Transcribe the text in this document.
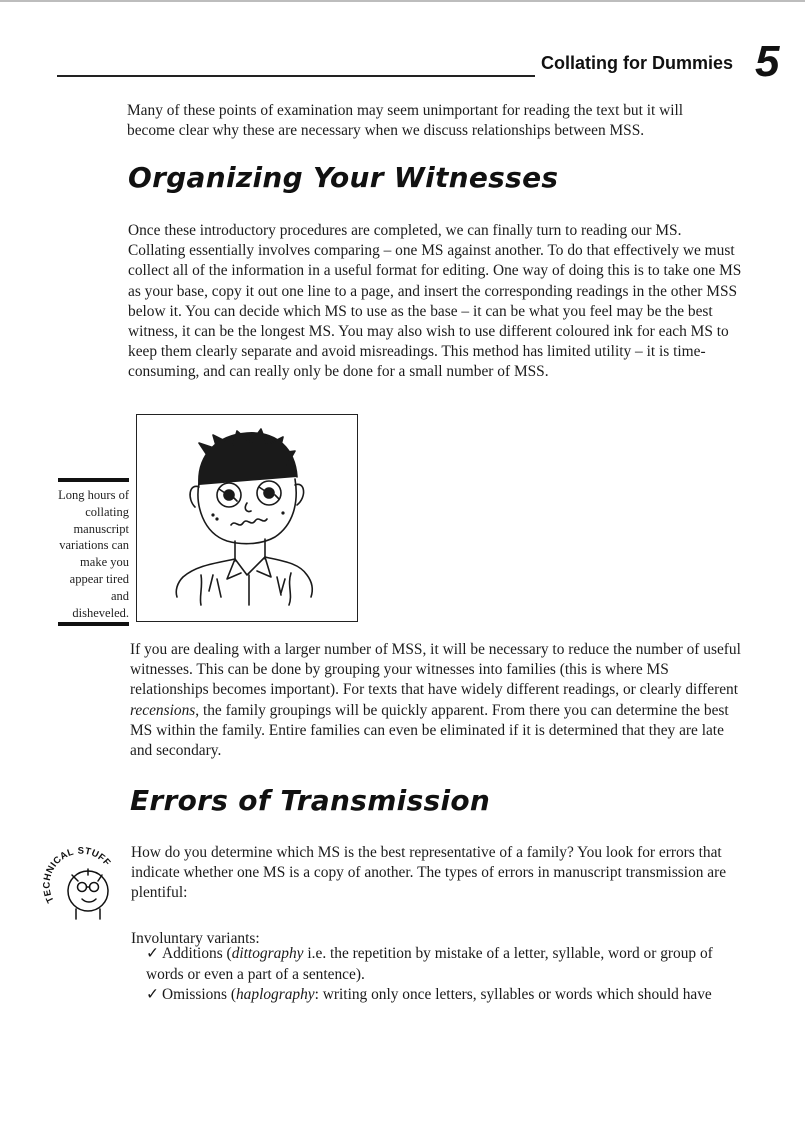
Collating for Dummies 5

Many of these points of examination may seem unimportant for reading the text but it will become clear why these are necessary when we discuss relationships between MSS.

Organizing Your Witnesses

Once these introductory procedures are completed, we can finally turn to reading our MS. Collating essentially involves comparing – one MS against another. To do that effectively we must collect all of the information in a useful format for editing. One way of doing this is to take one MS as your base, copy it out one line to a page, and insert the corresponding readings in the other MSS below it. You can decide which MS to use as the base – it can be what you feel may be the best witness, it can be the longest MS. You may also wish to use different coloured ink for each MS to keep them clearly separate and avoid misreadings. This method has limited utility – it is time-consuming, and can really only be done for a small number of MSS.

Long hours of collating manuscript variations can make you appear tired and disheveled.

If you are dealing with a larger number of MSS, it will be necessary to reduce the number of useful witnesses. This can be done by grouping your witnesses into families (this is where MS relationships becomes important). For texts that have widely different readings, or clearly different recensions, the family groupings will be quickly apparent. From there you can determine the best MS within the family. Entire families can even be eliminated if it is determined that they are late and secondary.

Errors of Transmission
TECHNICAL STUFF

How do you determine which MS is the best representative of a family? You look for errors that indicate whether one MS is a copy of another. The types of errors in manuscript transmission are plentiful:

Involuntary variants:

✓ Additions (dittography i.e. the repetition by mistake of a letter, syllable, word or group of words or even a part of a sentence).
✓ Omissions (haplography: writing only once letters, syllables or words which should have
